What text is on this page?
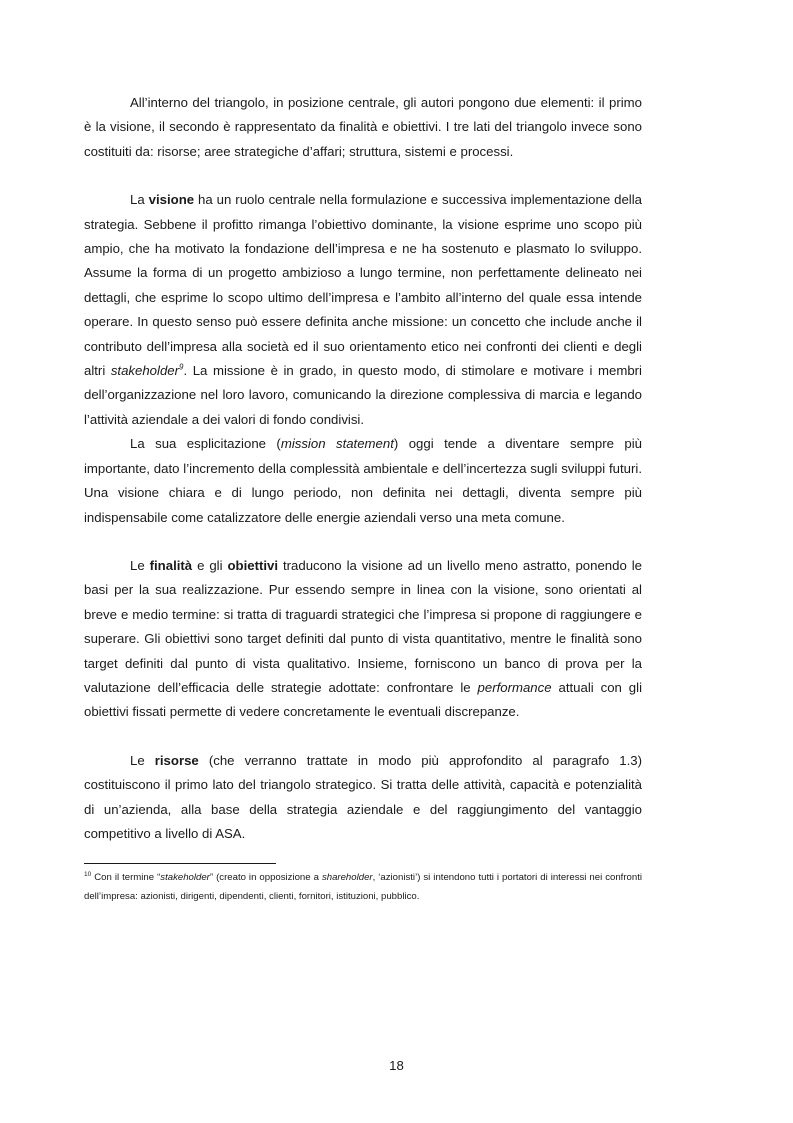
All’interno del triangolo, in posizione centrale, gli autori pongono due elementi: il primo è la visione, il secondo è rappresentato da finalità e obiettivi. I tre lati del triangolo invece sono costituiti da: risorse; aree strategiche d’affari; struttura, sistemi e processi.

La visione ha un ruolo centrale nella formulazione e successiva implementazione della strategia. Sebbene il profitto rimanga l’obiettivo dominante, la visione esprime uno scopo più ampio, che ha motivato la fondazione dell’impresa e ne ha sostenuto e plasmato lo sviluppo. Assume la forma di un progetto ambizioso a lungo termine, non perfettamente delineato nei dettagli, che esprime lo scopo ultimo dell’impresa e l’ambito all’interno del quale essa intende operare. In questo senso può essere definita anche missione: un concetto che include anche il contributo dell’impresa alla società ed il suo orientamento etico nei confronti dei clienti e degli altri stakeholder$^9$. La missione è in grado, in questo modo, di stimolare e motivare i membri dell’organizzazione nel loro lavoro, comunicando la direzione complessiva di marcia e legando l’attività aziendale a dei valori di fondo condivisi.

La sua esplicitazione (mission statement) oggi tende a diventare sempre più importante, dato l’incremento della complessità ambientale e dell’incertezza sugli sviluppi futuri. Una visione chiara e di lungo periodo, non definita nei dettagli, diventa sempre più indispensabile come catalizzatore delle energie aziendali verso una meta comune.

Le finalità e gli obiettivi traducono la visione ad un livello meno astratto, ponendo le basi per la sua realizzazione. Pur essendo sempre in linea con la visione, sono orientati al breve e medio termine: si tratta di traguardi strategici che l’impresa si propone di raggiungere e superare. Gli obiettivi sono target definiti dal punto di vista quantitativo, mentre le finalità sono target definiti dal punto di vista qualitativo. Insieme, forniscono un banco di prova per la valutazione dell’efficacia delle strategie adottate: confrontare le performance attuali con gli obiettivi fissati permette di vedere concretamente le eventuali discrepanze.

Le risorse (che verranno trattate in modo più approfondito al paragrafo 1.3) costituiscono il primo lato del triangolo strategico. Si tratta delle attività, capacità e potenzialità di un’azienda, alla base della strategia aziendale e del raggiungimento del vantaggio competitivo a livello di ASA.

$^{10}$ Con il termine “stakeholder” (creato in opposizione a shareholder, ‘azionisti’) si intendono tutti i portatori di interessi nei confronti dell’impresa: azionisti, dirigenti, dipendenti, clienti, fornitori, istituzioni, pubblico.

18
